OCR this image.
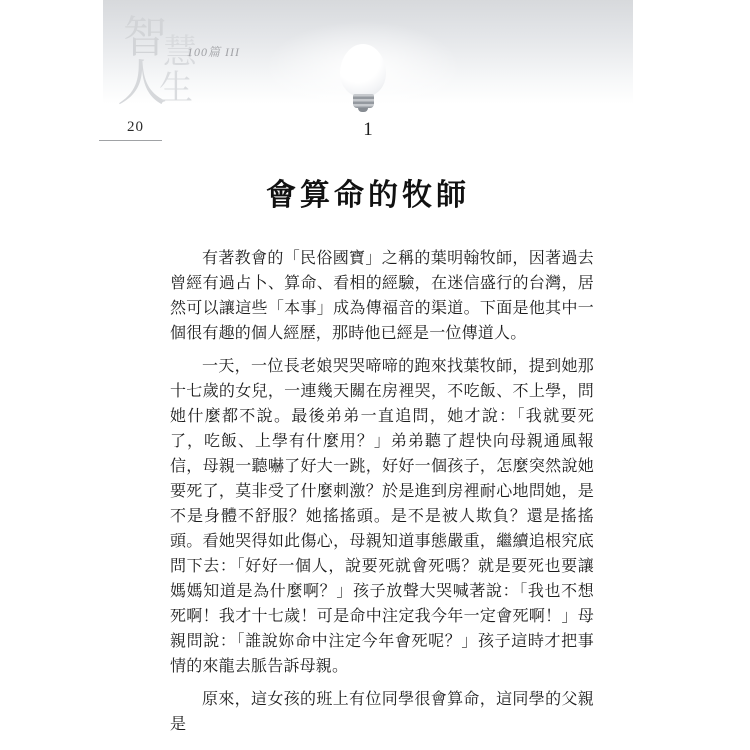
智
慧
人
生
100篇 III
20	1
會算命的牧師

有著教會的「民俗國寶」之稱的葉明翰牧師，因著過去曾經有過占卜、算命、看相的經驗，在迷信盛行的台灣，居然可以讓這些「本事」成為傳福音的渠道。下面是他其中一個很有趣的個人經歷，那時他已經是一位傳道人。

一天，一位長老娘哭哭啼啼的跑來找葉牧師，提到她那十七歲的女兒，一連幾天關在房裡哭，不吃飯、不上學，問她什麼都不說。最後弟弟一直追問，她才說：「我就要死了，吃飯、上學有什麼用？」弟弟聽了趕快向母親通風報信，母親一聽嚇了好大一跳，好好一個孩子，怎麼突然說她要死了，莫非受了什麼刺激？於是進到房裡耐心地問她，是不是身體不舒服？她搖搖頭。是不是被人欺負？還是搖搖頭。看她哭得如此傷心，母親知道事態嚴重，繼續追根究底問下去：「好好一個人，說要死就會死嗎？就是要死也要讓媽媽知道是為什麼啊？」孩子放聲大哭喊著說：「我也不想死啊！我才十七歲！可是命中注定我今年一定會死啊！」母親問說：「誰說妳命中注定今年會死呢？」孩子這時才把事情的來龍去脈告訴母親。

原來，這女孩的班上有位同學很會算命，這同學的父親是
